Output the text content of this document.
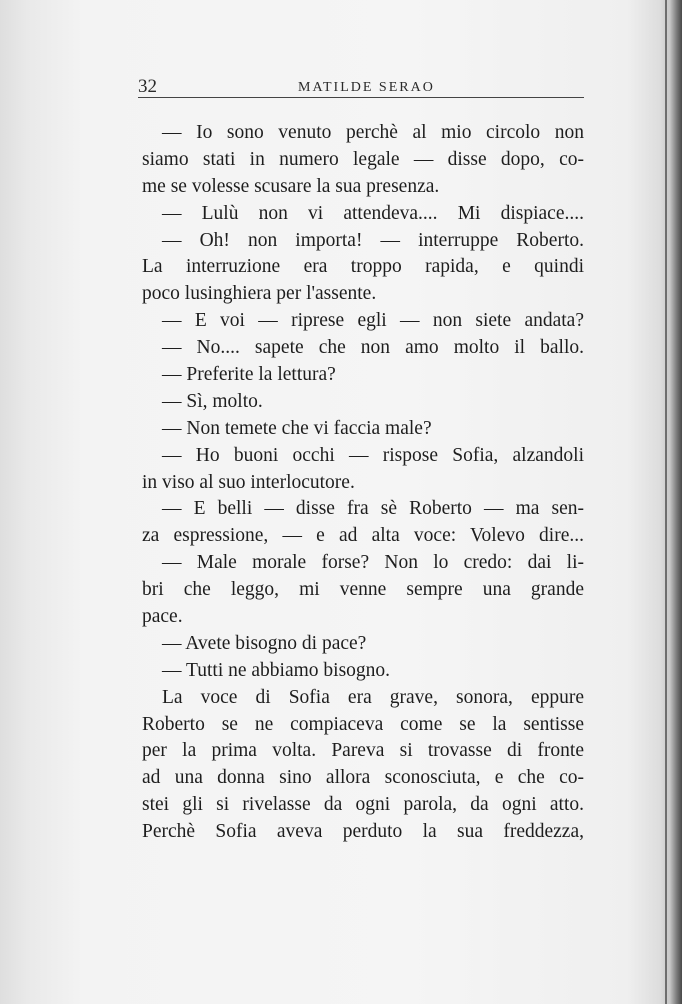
32	MATILDE SERAO
— Io sono venuto perchè al mio circolo non
siamo stati in numero legale — disse dopo, co-
me se volesse scusare la sua presenza.
— Lulù non vi attendeva.... Mi dispiace....
— Oh! non importa! — interruppe Roberto.
La interruzione era troppo rapida, e quindi
poco lusinghiera per l'assente.
— E voi — riprese egli — non siete andata?
— No.... sapete che non amo molto il ballo.
— Preferite la lettura?
— Sì, molto.
— Non temete che vi faccia male?
— Ho buoni occhi — rispose Sofia, alzandoli
in viso al suo interlocutore.
— E belli — disse fra sè Roberto — ma sen-
za espressione, — e ad alta voce: Volevo dire...
— Male morale forse? Non lo credo: dai li-
bri che leggo, mi venne sempre una grande
pace.
— Avete bisogno di pace?
— Tutti ne abbiamo bisogno.
La voce di Sofia era grave, sonora, eppure
Roberto se ne compiaceva come se la sentisse
per la prima volta. Pareva si trovasse di fronte
ad una donna sino allora sconosciuta, e che co-
stei gli si rivelasse da ogni parola, da ogni atto.
Perchè Sofia aveva perduto la sua freddezza,
